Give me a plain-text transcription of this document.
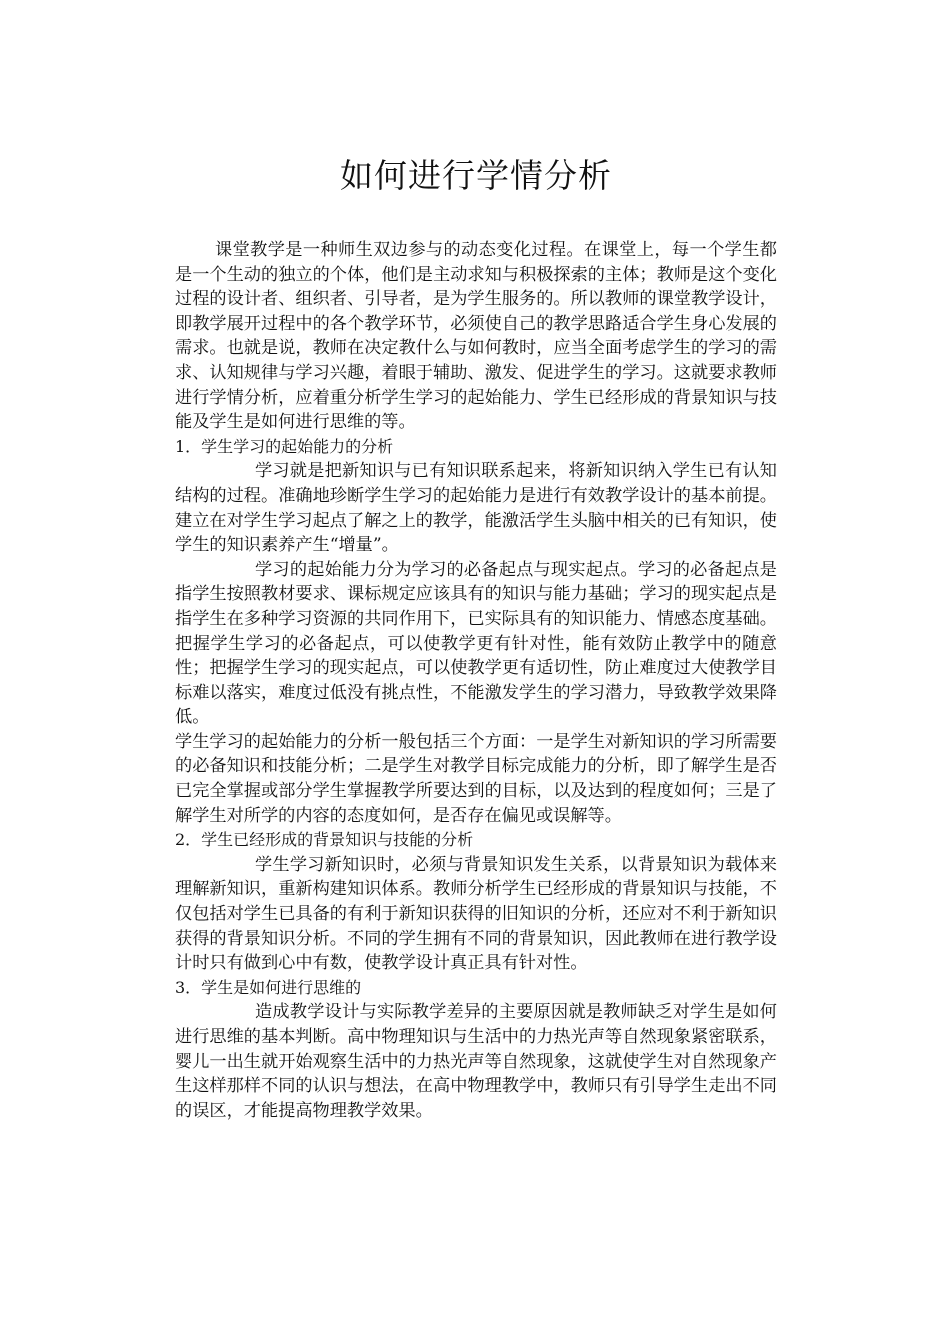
如何进行学情分析

课堂教学是一种师生双边参与的动态变化过程。在课堂上，每一个学生都是一个生动的独立的个体，他们是主动求知与积极探索的主体；教师是这个变化过程的设计者、组织者、引导者，是为学生服务的。所以教师的课堂教学设计，即教学展开过程中的各个教学环节，必须使自己的教学思路适合学生身心发展的需求。也就是说，教师在决定教什么与如何教时，应当全面考虑学生的学习的需求、认知规律与学习兴趣，着眼于辅助、激发、促进学生的学习。这就要求教师进行学情分析，应着重分析学生学习的起始能力、学生已经形成的背景知识与技能及学生是如何进行思维的等。

1．学生学习的起始能力的分析

学习就是把新知识与已有知识联系起来，将新知识纳入学生已有认知结构的过程。准确地珍断学生学习的起始能力是进行有效教学设计的基本前提。建立在对学生学习起点了解之上的教学，能激活学生头脑中相关的已有知识，使学生的知识素养产生“增量”。

学习的起始能力分为学习的必备起点与现实起点。学习的必备起点是指学生按照教材要求、课标规定应该具有的知识与能力基础；学习的现实起点是指学生在多种学习资源的共同作用下，已实际具有的知识能力、情感态度基础。把握学生学习的必备起点，可以使教学更有针对性，能有效防止教学中的随意性；把握学生学习的现实起点，可以使教学更有适切性，防止难度过大使教学目标难以落实，难度过低没有挑点性，不能激发学生的学习潜力，导致教学效果降低。

学生学习的起始能力的分析一般包括三个方面：一是学生对新知识的学习所需要的必备知识和技能分析；二是学生对教学目标完成能力的分析，即了解学生是否已完全掌握或部分学生掌握教学所要达到的目标，以及达到的程度如何；三是了解学生对所学的内容的态度如何，是否存在偏见或误解等。

2．学生已经形成的背景知识与技能的分析

学生学习新知识时，必须与背景知识发生关系，以背景知识为载体来理解新知识，重新构建知识体系。教师分析学生已经形成的背景知识与技能，不仅包括对学生已具备的有利于新知识获得的旧知识的分析，还应对不利于新知识获得的背景知识分析。不同的学生拥有不同的背景知识，因此教师在进行教学设计时只有做到心中有数，使教学设计真正具有针对性。

3．学生是如何进行思维的

造成教学设计与实际教学差异的主要原因就是教师缺乏对学生是如何进行思维的基本判断。高中物理知识与生活中的力热光声等自然现象紧密联系，婴儿一出生就开始观察生活中的力热光声等自然现象，这就使学生对自然现象产生这样那样不同的认识与想法，在高中物理教学中，教师只有引导学生走出不同的误区，才能提高物理教学效果。
